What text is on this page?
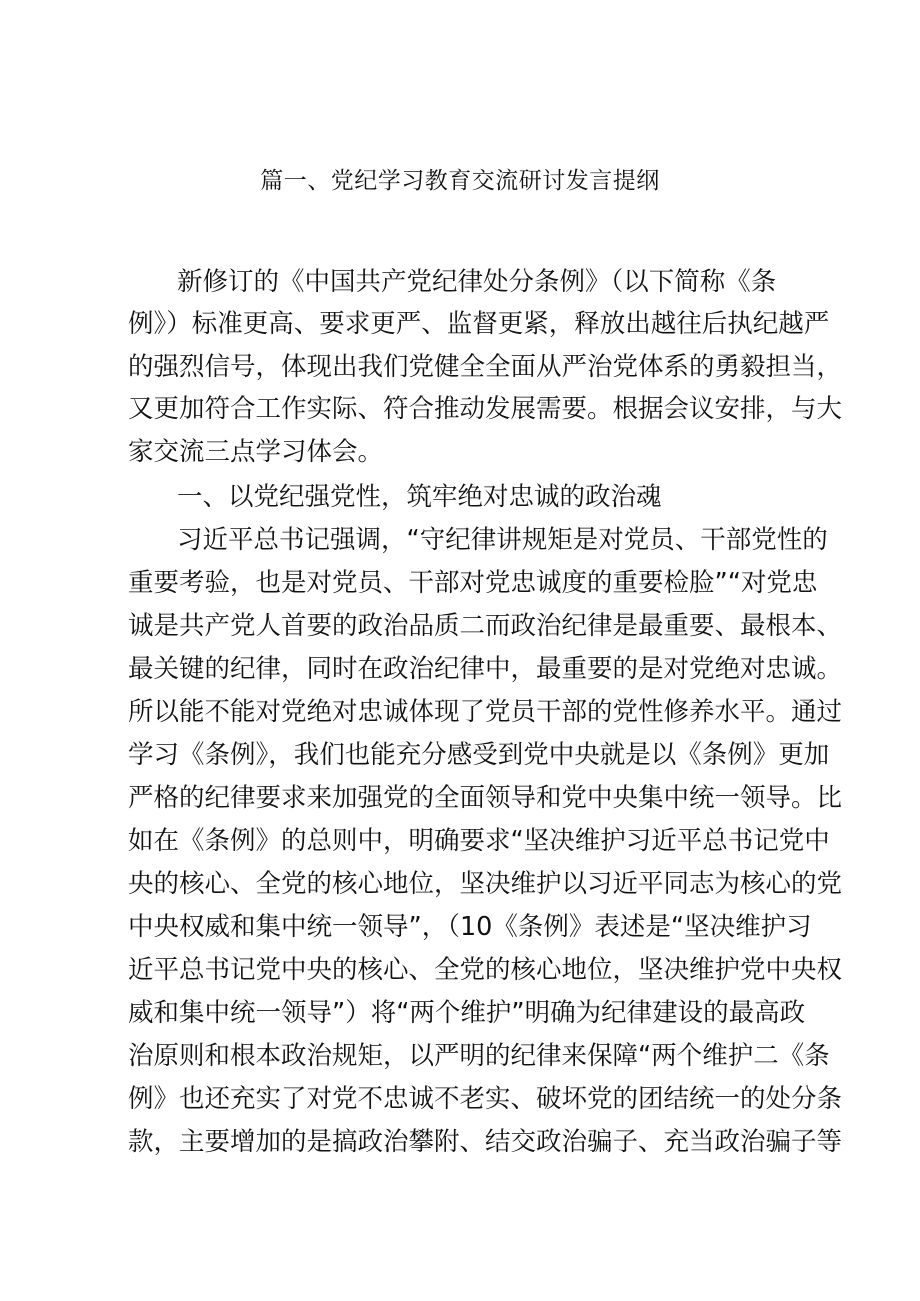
篇一、党纪学习教育交流研讨发言提纲
新修订的《中国共产党纪律处分条例》（以下简称《条
例》）标准更高、要求更严、监督更紧，释放出越往后执纪越严
的强烈信号，体现出我们党健全全面从严治党体系的勇毅担当，
又更加符合工作实际、符合推动发展需要。根据会议安排，与大
家交流三点学习体会。
一、以党纪强党性，筑牢绝对忠诚的政治魂
习近平总书记强调，“守纪律讲规矩是对党员、干部党性的
重要考验，也是对党员、干部对党忠诚度的重要检脸”“对党忠
诚是共产党人首要的政治品质二而政治纪律是最重要、最根本、
最关键的纪律，同时在政治纪律中，最重要的是对党绝对忠诚。
所以能不能对党绝对忠诚体现了党员干部的党性修养水平。通过
学习《条例》，我们也能充分感受到党中央就是以《条例》更加
严格的纪律要求来加强党的全面领导和党中央集中统一领导。比
如在《条例》的总则中，明确要求“坚决维护习近平总书记党中
央的核心、全党的核心地位，坚决维护以习近平同志为核心的党
中央权威和集中统一领导”，（10《条例》表述是“坚决维护习
近平总书记党中央的核心、全党的核心地位，坚决维护党中央权
威和集中统一领导”）将“两个维护”明确为纪律建设的最高政
治原则和根本政治规矩，以严明的纪律来保障“两个维护二《条
例》也还充实了对党不忠诚不老实、破坏党的团结统一的处分条
款，主要增加的是搞政治攀附、结交政治骗子、充当政治骗子等
